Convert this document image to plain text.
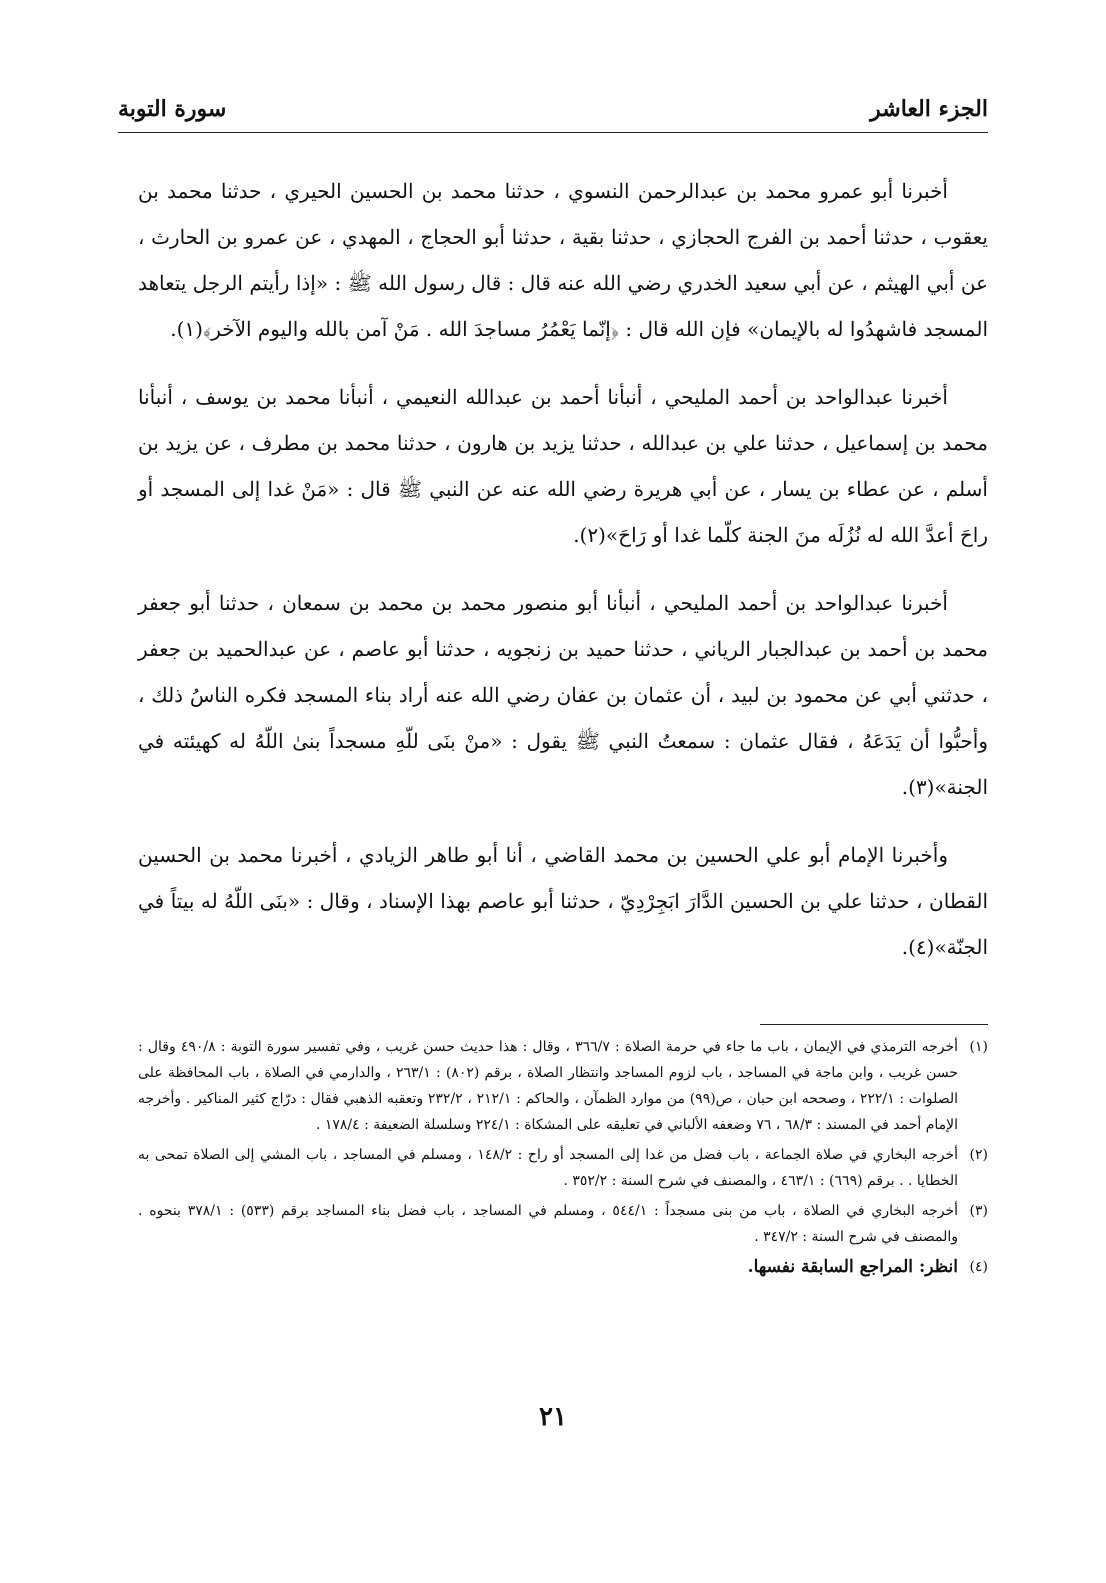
الجزء العاشر
سورة التوبة

أخبرنا أبو عمرو محمد بن عبدالرحمن النسوي ، حدثنا محمد بن الحسين الحيري ، حدثنا محمد بن يعقوب ، حدثنا أحمد بن الفرج الحجازي ، حدثنا بقية ، حدثنا أبو الحجاج ، المهدي ، عن عمرو بن الحارث ، عن أبي الهيثم ، عن أبي سعيد الخدري رضي الله عنه قال : قال رسول الله ﷺ : «إذا رأيتم الرجل يتعاهد المسجد فاشهدُوا له بالإيمان» فإن الله قال : ﴿إنّما يَعْمُرُ مساجدَ الله . مَنْ آمن بالله واليوم الآخر﴾(١).

أخبرنا عبدالواحد بن أحمد المليحي ، أنبأنا أحمد بن عبدالله النعيمي ، أنبأنا محمد بن يوسف ، أنبأنا محمد بن إسماعيل ، حدثنا علي بن عبدالله ، حدثنا يزيد بن هارون ، حدثنا محمد بن مطرف ، عن يزيد بن أسلم ، عن عطاء بن يسار ، عن أبي هريرة رضي الله عنه عن النبي ﷺ قال : «مَنْ غدا إلى المسجد أو راحَ أعدَّ الله له نُزُلَه منَ الجنة كلّما غدا أو رَاحَ»(٢).

أخبرنا عبدالواحد بن أحمد المليحي ، أنبأنا أبو منصور محمد بن محمد بن سمعان ، حدثنا أبو جعفر محمد بن أحمد بن عبدالجبار الرياني ، حدثنا حميد بن زنجويه ، حدثنا أبو عاصم ، عن عبدالحميد بن جعفر ، حدثني أبي عن محمود بن لبيد ، أن عثمان بن عفان رضي الله عنه أراد بناء المسجد فكره الناسُ ذلك ، وأحبُّوا أن يَدَعَهُ ، فقال عثمان : سمعتُ النبي ﷺ يقول : «منْ بنَى للّهِ مسجداً بنىٰ اللّهُ له كهيئته في الجنة»(٣).

وأخبرنا الإمام أبو علي الحسين بن محمد القاضي ، أنا أبو طاهر الزيادي ، أخبرنا محمد بن الحسين القطان ، حدثنا علي بن الحسين الدَّارَ ابَجِرْدِيّ ، حدثنا أبو عاصم بهذا الإسناد ، وقال : «بنَى اللّهُ له بيتاً في الجنّة»(٤).

(١)
أخرجه الترمذي في الإيمان ، باب ما جاء في حرمة الصلاة : ٣٦٦/٧ ، وقال : هذا حديث حسن غريب ، وفي تفسير سورة التوبة : ٤٩٠/٨ وقال : حسن غريب ، وابن ماجة في المساجد ، باب لزوم المساجد وانتظار الصلاة ، برقم (٨٠٢) : ٢٦٣/١ ، والدارمي في الصلاة ، باب المحافظة على الصلوات : ٢٢٢/١ ، وصححه ابن حبان ، ص(٩٩) من موارد الظمآن ، والحاكم : ٢١٢/١ ، ٢٣٢/٢ وتعقبه الذهبي فقال : درّاج كثير المناكير . وأخرجه الإمام أحمد في المسند : ٦٨/٣ ، ٧٦ وضعفه الألباني في تعليقه على المشكاة : ٢٢٤/١ وسلسلة الضعيفة : ١٧٨/٤ .
(٢)
أخرجه البخاري في صلاة الجماعة ، باب فضل من غدا إلى المسجد أو راح : ١٤٨/٢ ، ومسلم في المساجد ، باب المشي إلى الصلاة تمحى به الخطايا . . برقم (٦٦٩) : ٤٦٣/١ ، والمصنف في شرح السنة : ٣٥٢/٢ .
(٣)
أخرجه البخاري في الصلاة ، باب من بنى مسجداً : ٥٤٤/١ ، ومسلم في المساجد ، باب فضل بناء المساجد برقم (٥٣٣) : ٣٧٨/١ بنحوه . والمصنف في شرح السنة : ٣٤٧/٢ .
(٤)
انظر: المراجع السابقة نفسها.
٢١
